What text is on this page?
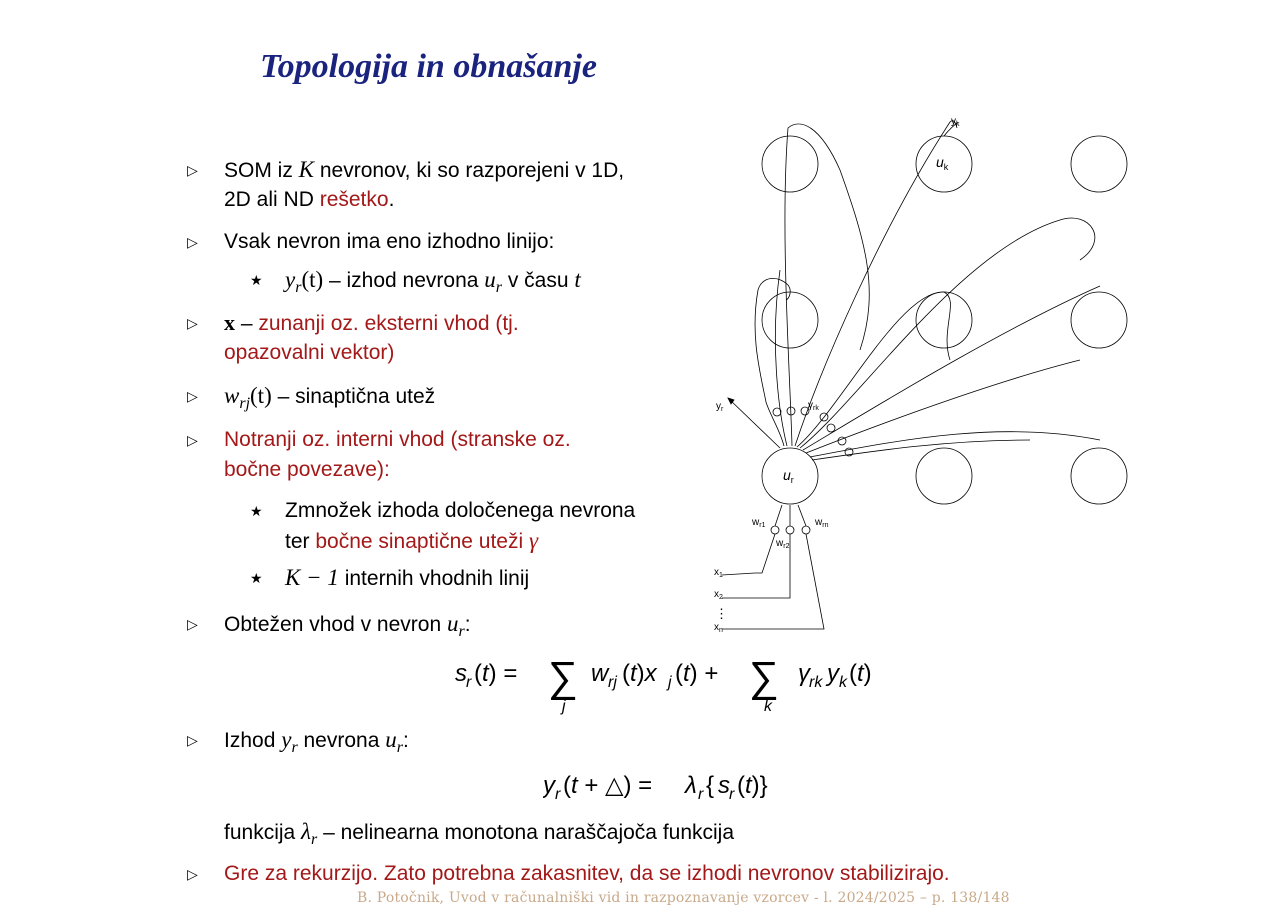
Topologija in obnašanje
▷ SOM iz K nevronov, ki so razporejeni v 1D,
2D ali ND rešetko.
▷ Vsak nevron ima eno izhodno linijo:
★ $y_r(t)$ – izhod nevrona $u_r$ v času t
▷ x – zunanji oz. eksterni vhod (tj.
opazovalni vektor)
▷ $w_{rj}(t)$ – sinaptična utež
▷ Notranji oz. interni vhod (stranske oz.
bočne povezave):
★ Zmnožek izhoda določenega nevrona
ter bočne sinaptične uteži γ
★ K − 1 internih vhodnih linij
▷ Obtežen vhod v nevron $u_r$:
s r (t) = ∑
j
w rj (t)x j (t) + ∑
k
γ rk y k (t)
▷ Izhod $y_r$ nevrona $u_r$:
y r (t + △) = λ r { s r (t)}
funkcija $\lambda_r$ – nelinearna monotona naraščajoča funkcija
▷ Gre za rekurzijo. Zato potrebna zakasnitev, da se izhodi nevronov stabilizirajo.
$y_k$
$u_k$
$u_r$
$y_r$	$\gamma_{rk}$
$w_{r1}$
$w_{r2}$
$w_{rn}$
$x_1$
$x_2$
⋮
$x_n$
B. Potočnik, Uvod v računalniški vid in razpoznavanje vzorcev - l. 2024/2025 – p. 138/148
